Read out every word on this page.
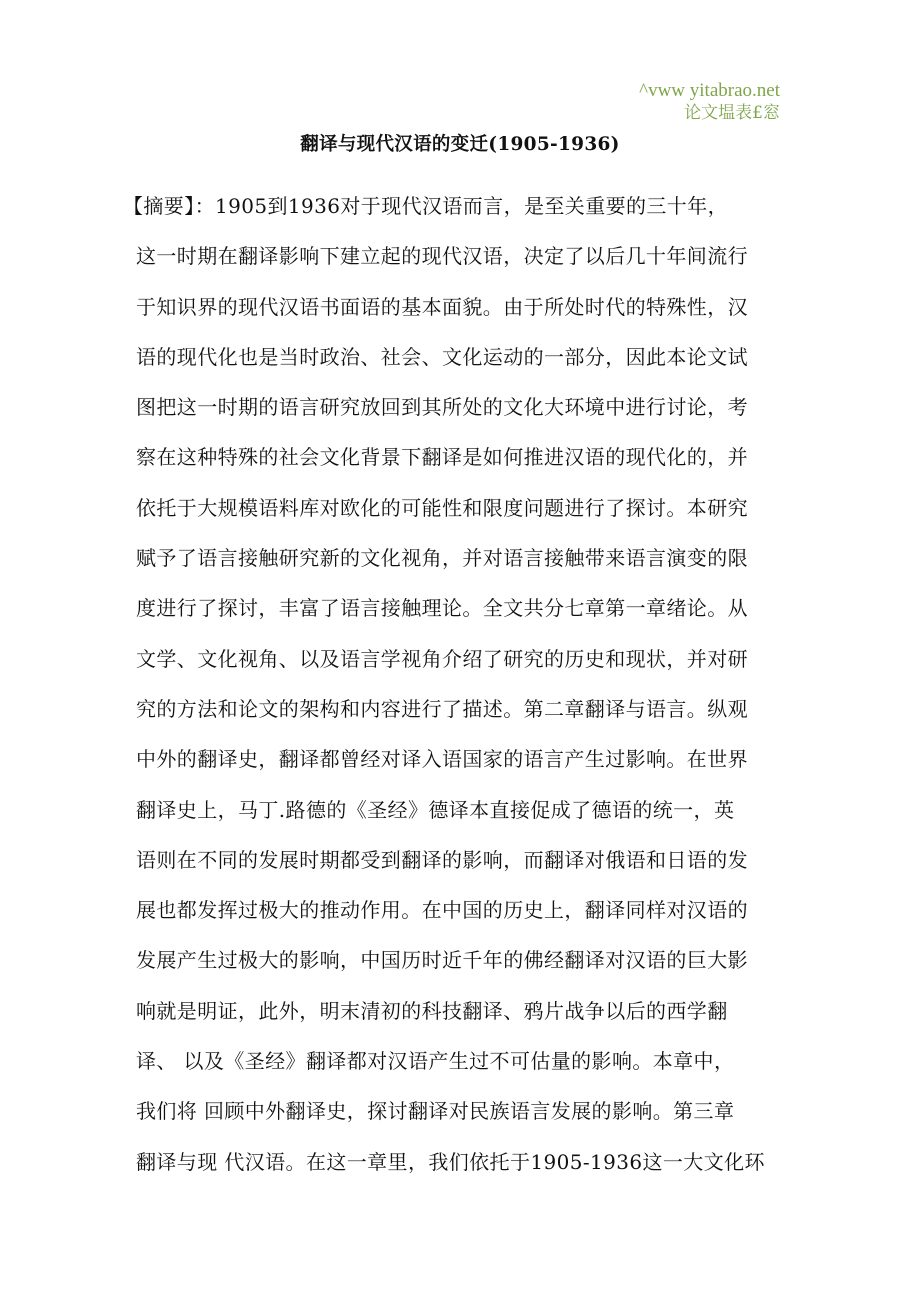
^vww yitabrao.net
论文塭表£窓
翻译与现代汉语的变迁(1905-1936)
【摘要】：1905到1936对于现代汉语而言，是至关重要的三十年，
这一时期在翻译影响下建立起的现代汉语，决定了以后几十年间流行
于知识界的现代汉语书面语的基本面貌。由于所处时代的特殊性，汉
语的现代化也是当时政治、社会、文化运动的一部分，因此本论文试
图把这一时期的语言研究放回到其所处的文化大环境中进行讨论，考
察在这种特殊的社会文化背景下翻译是如何推进汉语的现代化的，并
依托于大规模语料库对欧化的可能性和限度问题进行了探讨。本研究
赋予了语言接触研究新的文化视角，并对语言接触带来语言演变的限
度进行了探讨，丰富了语言接触理论。全文共分七章第一章绪论。从
文学、文化视角、以及语言学视角介绍了研究的历史和现状，并对研
究的方法和论文的架构和内容进行了描述。第二章翻译与语言。纵观
中外的翻译史，翻译都曾经对译入语国家的语言产生过影响。在世界
翻译史上，马丁.路德的《圣经》德译本直接促成了德语的统一，英
语则在不同的发展时期都受到翻译的影响，而翻译对俄语和日语的发
展也都发挥过极大的推动作用。在中国的历史上，翻译同样对汉语的
发展产生过极大的影响，中国历时近千年的佛经翻译对汉语的巨大影
响就是明证，此外，明末清初的科技翻译、鸦片战争以后的西学翻
译、 以及《圣经》翻译都对汉语产生过不可估量的影响。本章中，
我们将 回顾中外翻译史，探讨翻译对民族语言发展的影响。第三章
翻译与现 代汉语。在这一章里，我们依托于1905-1936这一大文化环
